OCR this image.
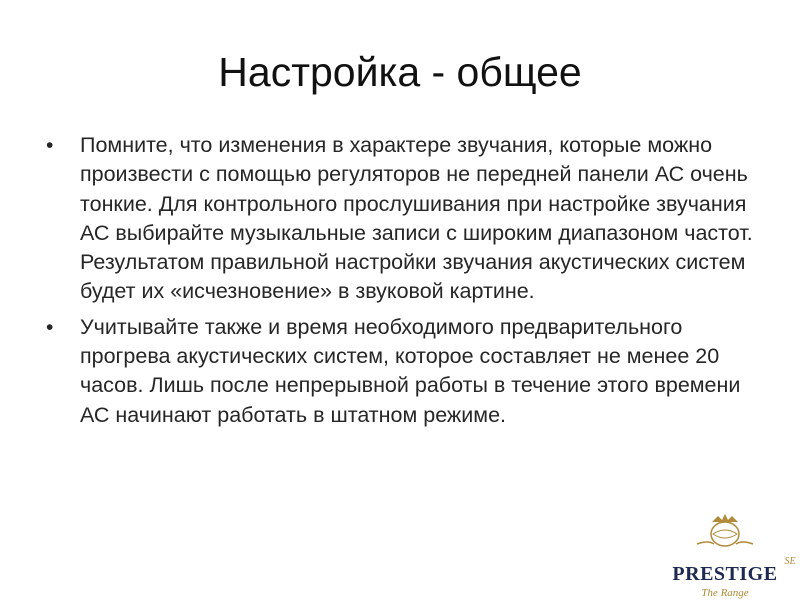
Настройка - общее
• Помните, что изменения в характере звучания, которые можно произвести с помощью регуляторов не передней панели АС очень тонкие. Для контрольного прослушивания при настройке звучания АС выбирайте музыкальные записи с широким диапазоном частот. Результатом правильной настройки звучания акустических систем будет их «исчезновение» в звуковой картине.
• Учитывайте также и время необходимого предварительного прогрева акустических систем, которое составляет не менее 20 часов. Лишь после непрерывной работы в течение этого времени АС начинают работать в штатном режиме.
PRESTIGE
The Range
SE
